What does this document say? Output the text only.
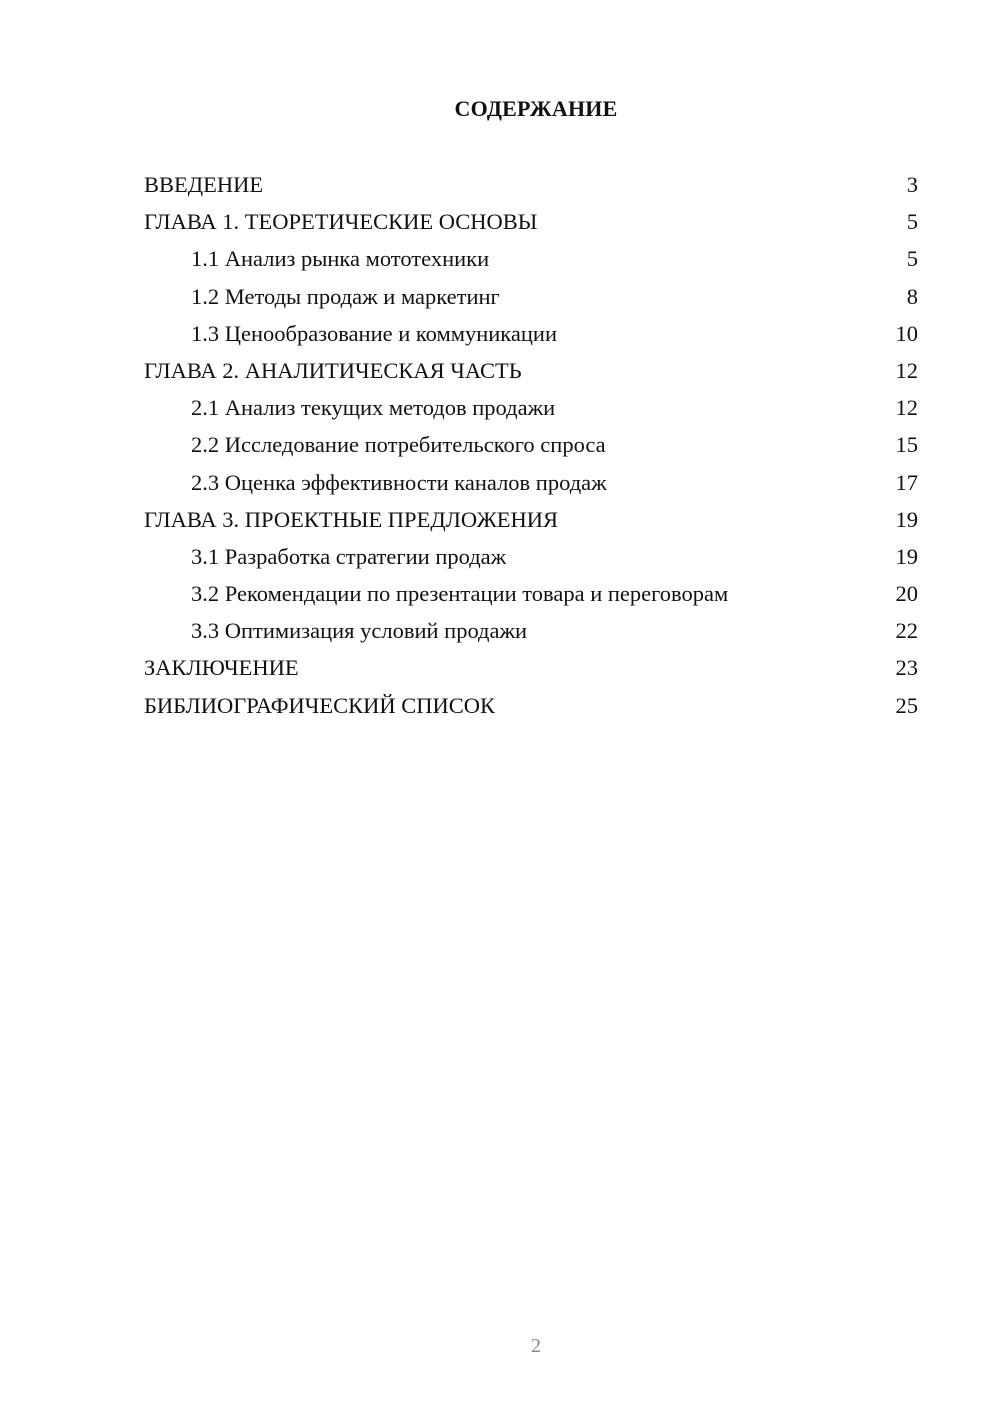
СОДЕРЖАНИЕ
ВВЕДЕНИЕ	3
ГЛАВА 1. ТЕОРЕТИЧЕСКИЕ ОСНОВЫ	5
1.1 Анализ рынка мототехники	5
1.2 Методы продаж и маркетинг	8
1.3 Ценообразование и коммуникации	10
ГЛАВА 2. АНАЛИТИЧЕСКАЯ ЧАСТЬ	12
2.1 Анализ текущих методов продажи	12
2.2 Исследование потребительского спроса	15
2.3 Оценка эффективности каналов продаж	17
ГЛАВА 3. ПРОЕКТНЫЕ ПРЕДЛОЖЕНИЯ	19
3.1 Разработка стратегии продаж	19
3.2 Рекомендации по презентации товара и переговорам	20
3.3 Оптимизация условий продажи	22
ЗАКЛЮЧЕНИЕ	23
БИБЛИОГРАФИЧЕСКИЙ СПИСОК	25
2
